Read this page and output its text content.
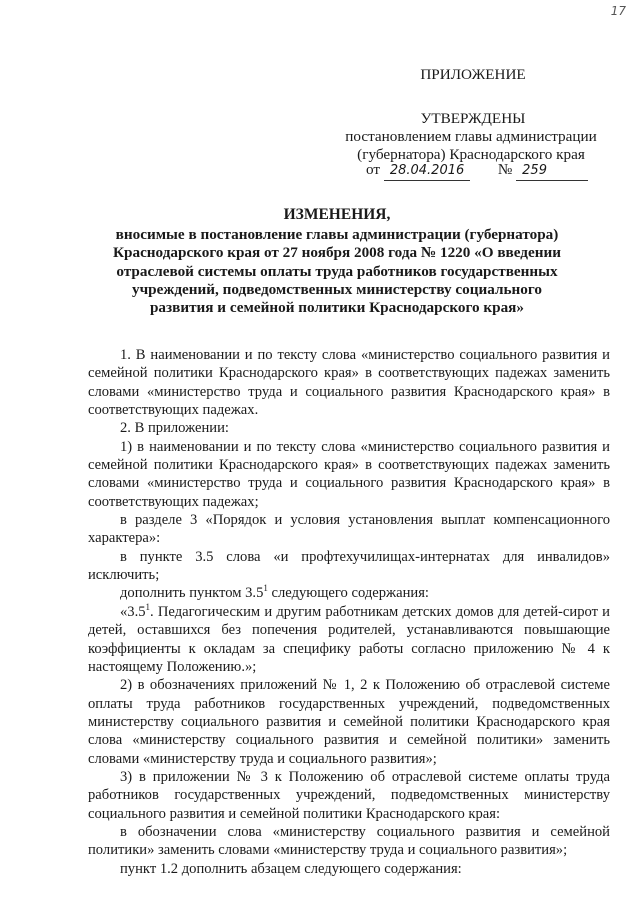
17
ПРИЛОЖЕНИЕ
УТВЕРЖДЕНЫ
постановлением главы администрации
(губернатора) Краснодарского края
от 28.04.2016 № 259
ИЗМЕНЕНИЯ,
вносимые в постановление главы администрации (губернатора)
Краснодарского края от 27 ноября 2008 года № 1220 «О введении
отраслевой системы оплаты труда работников государственных
учреждений, подведомственных министерству социального
развития и семейной политики Краснодарского края»

1. В наименовании и по тексту слова «министерство социального развития и семейной политики Краснодарского края» в соответствующих падежах заменить словами «министерство труда и социального развития Краснодарского края» в соответствующих падежах.

2. В приложении:

1) в наименовании и по тексту слова «министерство социального развития и семейной политики Краснодарского края» в соответствующих падежах заменить словами «министерство труда и социального развития Краснодарского края» в соответствующих падежах;

в разделе 3 «Порядок и условия установления выплат компенсационного характера»:

в пункте 3.5 слова «и профтехучилищах-интернатах для инвалидов» исключить;

дополнить пунктом $3.5^1$ следующего содержания:

«$3.5^1$. Педагогическим и другим работникам детских домов для детей-сирот и детей, оставшихся без попечения родителей, устанавливаются повышающие коэффициенты к окладам за специфику работы согласно приложению № 4 к настоящему Положению.»;

2) в обозначениях приложений № 1, 2 к Положению об отраслевой системе оплаты труда работников государственных учреждений, подведомственных министерству социального развития и семейной политики Краснодарского края слова «министерству социального развития и семейной политики» заменить словами «министерству труда и социального развития»;

3) в приложении № 3 к Положению об отраслевой системе оплаты труда работников государственных учреждений, подведомственных министерству социального развития и семейной политики Краснодарского края:

в обозначении слова «министерству социального развития и семейной политики» заменить словами «министерству труда и социального развития»;

пункт 1.2 дополнить абзацем следующего содержания:
